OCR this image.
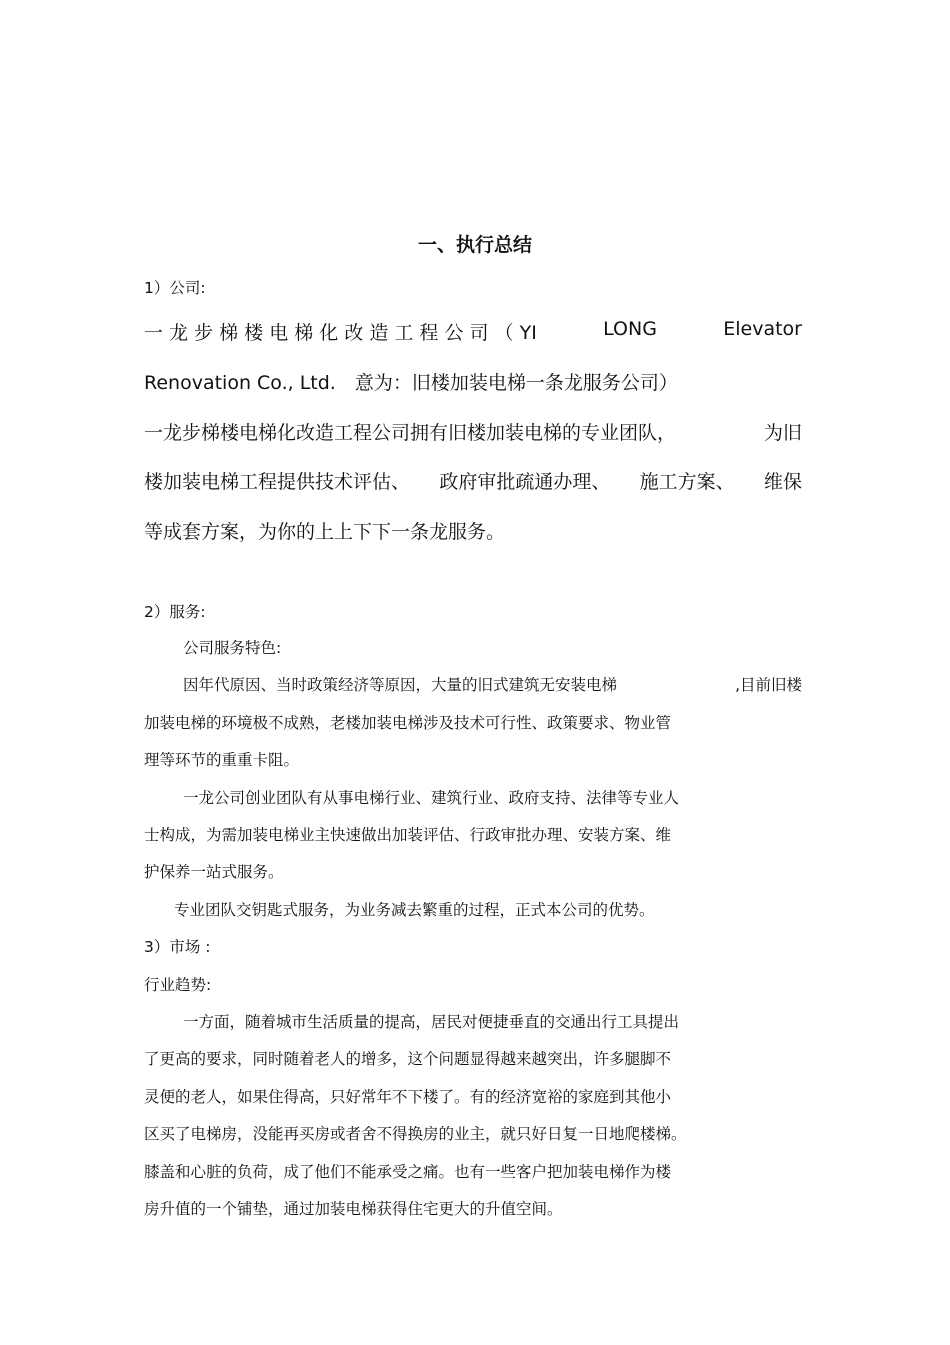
一、执行总结

1）公司:

一 龙 步 梯 楼 电 梯 化 改 造 工 程 公 司 （ YI	LONG	Elevator

Renovation Co., Ltd.　意为：旧楼加装电梯一条龙服务公司）

一龙步梯楼电梯化改造工程公司拥有旧楼加装电梯的专业团队，	为旧
楼加装电梯工程提供技术评估、 政府审批疏通办理、 施工方案、 维保

等成套方案，为你的上上下下一条龙服务。

2）服务:

公司服务特色:

因年代原因、当时政策经济等原因，大量的旧式建筑无安装电梯	,目前旧楼

加装电梯的环境极不成熟，老楼加装电梯涉及技术可行性、政策要求、物业管

理等环节的重重卡阻。

一龙公司创业团队有从事电梯行业、建筑行业、政府支持、法律等专业人

士构成，为需加装电梯业主快速做出加装评估、行政审批办理、安装方案、维

护保养一站式服务。

专业团队交钥匙式服务，为业务减去繁重的过程，正式本公司的优势。

3）市场 :

行业趋势:

一方面，随着城市生活质量的提高，居民对便捷垂直的交通出行工具提出

了更高的要求，同时随着老人的增多，这个问题显得越来越突出，许多腿脚不

灵便的老人，如果住得高，只好常年不下楼了。有的经济宽裕的家庭到其他小

区买了电梯房，没能再买房或者舍不得换房的业主，就只好日复一日地爬楼梯。

膝盖和心脏的负荷，成了他们不能承受之痛。也有一些客户把加装电梯作为楼

房升值的一个铺垫，通过加装电梯获得住宅更大的升值空间。
